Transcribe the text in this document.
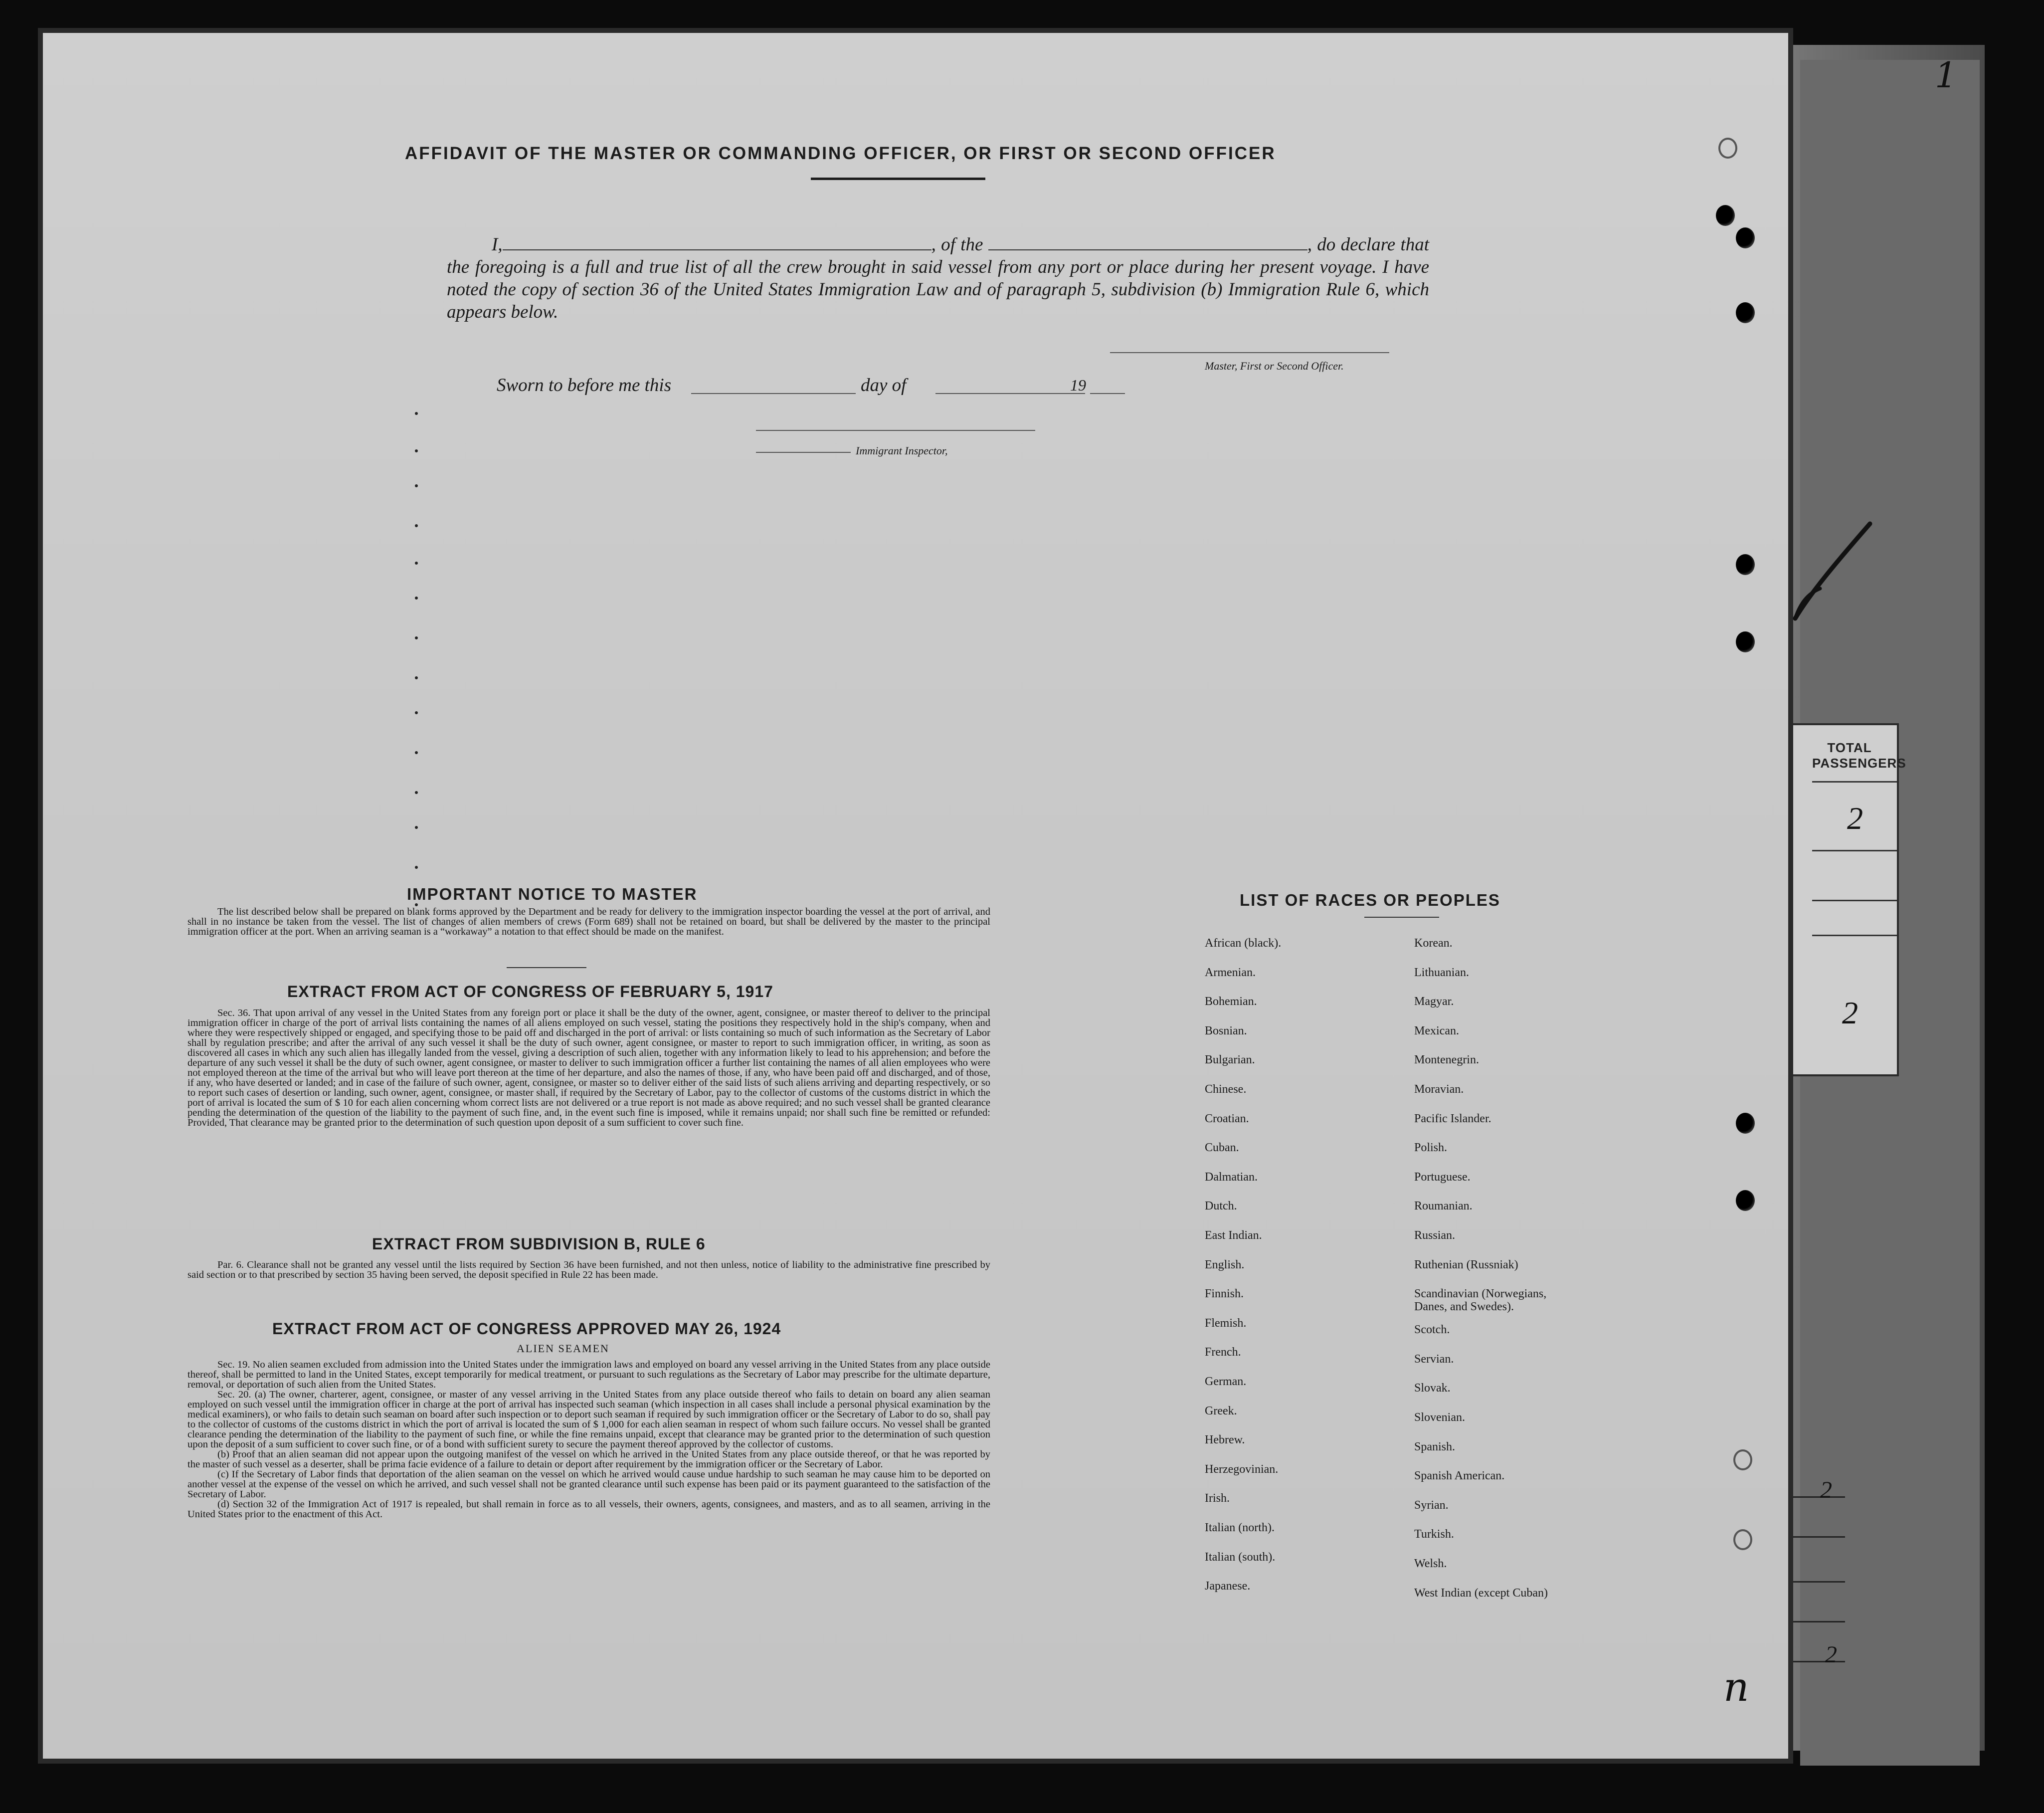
TOTAL PASSENGERS
2
2
2
2
AFFIDAVIT OF THE MASTER OR COMMANDING OFFICER, OR FIRST OR SECOND OFFICER
I,	, of the	, do declare that the foregoing is a full and true list of all the crew brought in said vessel from any port or place during her present voyage. I have noted the copy of section 36 of the United States Immigration Law and of paragraph 5, subdivision (b) Immigration Rule 6, which appears below.
Master, First or Second Officer.
Sworn to before me this	day of	19
Immigrant Inspector,
IMPORTANT NOTICE TO MASTER

The list described below shall be prepared on blank forms approved by the Department and be ready for delivery to the immigration inspector boarding the vessel at the port of arrival, and shall in no instance be taken from the vessel. The list of changes of alien members of crews (Form 689) shall not be retained on board, but shall be delivered by the master to the principal immigration officer at the port. When an arriving seaman is a “workaway” a notation to that effect should be made on the manifest.

EXTRACT FROM ACT OF CONGRESS OF FEBRUARY 5, 1917

Sec. 36. That upon arrival of any vessel in the United States from any foreign port or place it shall be the duty of the owner, agent, consignee, or master thereof to deliver to the principal immigration officer in charge of the port of arrival lists containing the names of all aliens employed on such vessel, stating the positions they respectively hold in the ship's company, when and where they were respectively shipped or engaged, and specifying those to be paid off and discharged in the port of arrival: or lists containing so much of such information as the Secretary of Labor shall by regulation prescribe; and after the arrival of any such vessel it shall be the duty of such owner, agent consignee, or master to report to such immigration officer, in writing, as soon as discovered all cases in which any such alien has illegally landed from the vessel, giving a description of such alien, together with any information likely to lead to his apprehension; and before the departure of any such vessel it shall be the duty of such owner, agent consignee, or master to deliver to such immigration officer a further list containing the names of all alien employees who were not employed thereon at the time of the arrival but who will leave port thereon at the time of her departure, and also the names of those, if any, who have been paid off and discharged, and of those, if any, who have deserted or landed; and in case of the failure of such owner, agent, consignee, or master so to deliver either of the said lists of such aliens arriving and departing respectively, or so to report such cases of desertion or landing, such owner, agent, consignee, or master shall, if required by the Secretary of Labor, pay to the collector of customs of the customs district in which the port of arrival is located the sum of $ 10 for each alien concerning whom correct lists are not delivered or a true report is not made as above required; and no such vessel shall be granted clearance pending the determination of the question of the liability to the payment of such fine, and, in the event such fine is imposed, while it remains unpaid; nor shall such fine be remitted or refunded: Provided, That clearance may be granted prior to the determination of such question upon deposit of a sum sufficient to cover such fine.

EXTRACT FROM SUBDIVISION B, RULE 6

Par. 6. Clearance shall not be granted any vessel until the lists required by Section 36 have been furnished, and not then unless, notice of liability to the administrative fine prescribed by said section or to that prescribed by section 35 having been served, the deposit specified in Rule 22 has been made.

EXTRACT FROM ACT OF CONGRESS APPROVED MAY 26, 1924
ALIEN SEAMEN

Sec. 19. No alien seamen excluded from admission into the United States under the immigration laws and employed on board any vessel arriving in the United States from any place outside thereof, shall be permitted to land in the United States, except temporarily for medical treatment, or pursuant to such regulations as the Secretary of Labor may prescribe for the ultimate departure, removal, or deportation of such alien from the United States.

Sec. 20. (a) The owner, charterer, agent, consignee, or master of any vessel arriving in the United States from any place outside thereof who fails to detain on board any alien seaman employed on such vessel until the immigration officer in charge at the port of arrival has inspected such seaman (which inspection in all cases shall include a personal physical examination by the medical examiners), or who fails to detain such seaman on board after such inspection or to deport such seaman if required by such immigration officer or the Secretary of Labor to do so, shall pay to the collector of customs of the customs district in which the port of arrival is located the sum of $ 1,000 for each alien seaman in respect of whom such failure occurs. No vessel shall be granted clearance pending the determination of the liability to the payment of such fine, or while the fine remains unpaid, except that clearance may be granted prior to the determination of such question upon the deposit of a sum sufficient to cover such fine, or of a bond with sufficient surety to secure the payment thereof approved by the collector of customs.

(b) Proof that an alien seaman did not appear upon the outgoing manifest of the vessel on which he arrived in the United States from any place outside thereof, or that he was reported by the master of such vessel as a deserter, shall be prima facie evidence of a failure to detain or deport after requirement by the immigration officer or the Secretary of Labor.

(c) If the Secretary of Labor finds that deportation of the alien seaman on the vessel on which he arrived would cause undue hardship to such seaman he may cause him to be deported on another vessel at the expense of the vessel on which he arrived, and such vessel shall not be granted clearance until such expense has been paid or its payment guaranteed to the satisfaction of the Secretary of Labor.

(d) Section 32 of the Immigration Act of 1917 is repealed, but shall remain in force as to all vessels, their owners, agents, consignees, and masters, and as to all seamen, arriving in the United States prior to the enactment of this Act.

LIST OF RACES OR PEOPLES
African (black).
Armenian.
Bohemian.
Bosnian.
Bulgarian.
Chinese.
Croatian.
Cuban.
Dalmatian.
Dutch.
East Indian.
English.
Finnish.
Flemish.
French.
German.
Greek.
Hebrew.
Herzegovinian.
Irish.
Italian (north).
Italian (south).
Japanese.
Korean.
Lithuanian.
Magyar.
Mexican.
Montenegrin.
Moravian.
Pacific Islander.
Polish.
Portuguese.
Roumanian.
Russian.
Ruthenian (Russniak)
Scandinavian (Norwegians, Danes, and Swedes).
Scotch.
Servian.
Slovak.
Slovenian.
Spanish.
Spanish American.
Syrian.
Turkish.
Welsh.
West Indian (except Cuban)
n
1
